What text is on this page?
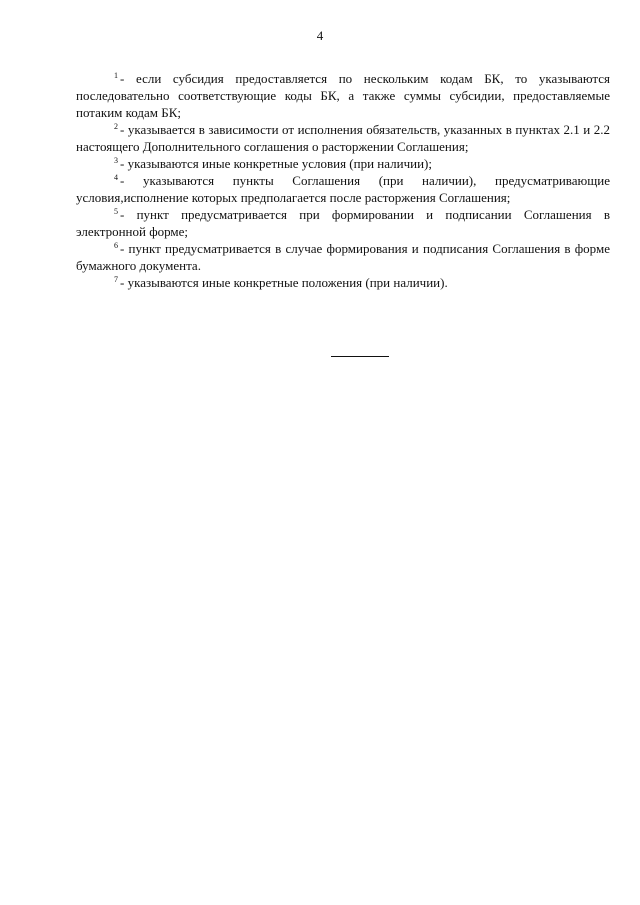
4

$^1$ - если субсидия предоставляется по нескольким кодам БК, то указываются последовательно соответствующие коды БК, а также суммы субсидии, предоставляемые потаким кодам БК;

$^2$ - указывается в зависимости от исполнения обязательств, указанных в пунктах 2.1 и 2.2 настоящего Дополнительного соглашения о расторжении Соглашения;

$^3$ - указываются иные конкретные условия (при наличии);

$^4$ - указываются пункты Соглашения (при наличии), предусматривающие условия,исполнение которых предполагается после расторжения Соглашения;

$^5$ - пункт предусматривается при формировании и подписании Соглашения в электронной форме;

$^6$ - пункт предусматривается в случае формирования и подписания Соглашения в форме бумажного документа.

$^7$ - указываются иные конкретные положения (при наличии).
